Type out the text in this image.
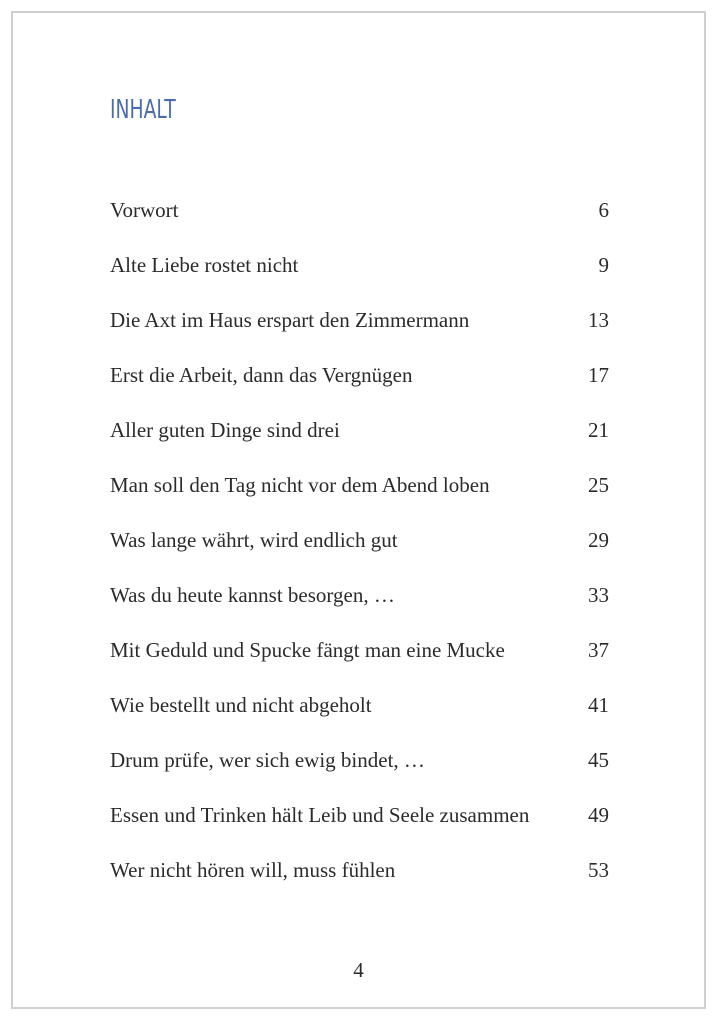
INHALT
Vorwort	6
Alte Liebe rostet nicht	9
Die Axt im Haus erspart den Zimmermann	13
Erst die Arbeit, dann das Vergnügen	17
Aller guten Dinge sind drei	21
Man soll den Tag nicht vor dem Abend loben	25
Was lange währt, wird endlich gut	29
Was du heute kannst besorgen, …	33
Mit Geduld und Spucke fängt man eine Mucke	37
Wie bestellt und nicht abgeholt	41
Drum prüfe, wer sich ewig bindet, …	45
Essen und Trinken hält Leib und Seele zusammen	49
Wer nicht hören will, muss fühlen	53
4
